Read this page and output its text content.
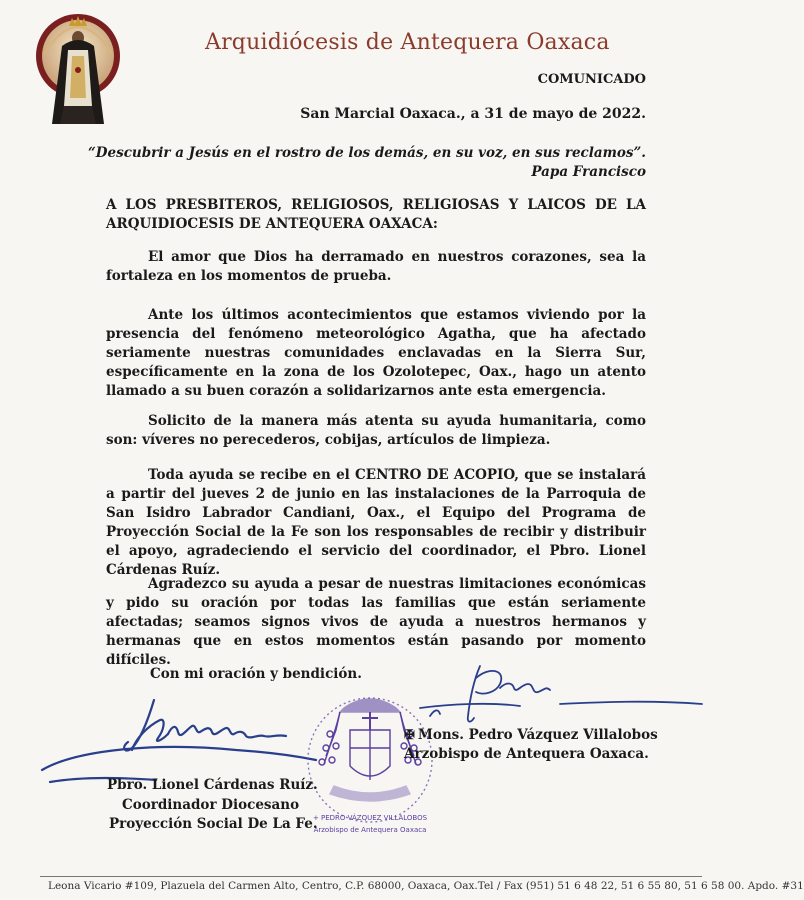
Arquidiócesis de Antequera Oaxaca
COMUNICADO
San Marcial Oaxaca., a 31 de mayo de 2022.
“Descubrir a Jesús en el rostro de los demás, en su voz, en sus reclamos”.
Papa Francisco
A LOS PRESBITEROS, RELIGIOSOS, RELIGIOSAS Y LAICOS DE LA ARQUIDIOCESIS DE ANTEQUERA OAXACA:
El amor que Dios ha derramado en nuestros corazones, sea la fortaleza en los momentos de prueba.
Ante los últimos acontecimientos que estamos viviendo por la presencia del fenómeno meteorológico Agatha, que ha afectado seriamente nuestras comunidades enclavadas en la Sierra Sur, específicamente en la zona de los Ozolotepec, Oax., hago un atento llamado a su buen corazón a solidarizarnos ante esta emergencia.
Solicito de la manera más atenta su ayuda humanitaria, como son: víveres no perecederos, cobijas, artículos de limpieza.
Toda ayuda se recibe en el CENTRO DE ACOPIO, que se instalará a partir del jueves 2 de junio en las instalaciones de la Parroquia de San Isidro Labrador Candiani, Oax., el Equipo del Programa de Proyección Social de la Fe son los responsables de recibir y distribuir el apoyo, agradeciendo el servicio del coordinador, el Pbro. Lionel Cárdenas Ruíz.
Agradezco su ayuda a pesar de nuestras limitaciones económicas y pido su oración por todas las familias que están seriamente afectadas; seamos signos vivos de ayuda a nuestros hermanos y hermanas que en estos momentos están pasando por momento difíciles.
Con mi oración y bendición.
+ PEDRO VÁZQUEZ VILLALOBOS
Arzobispo de Antequera Oaxaca
✠ Mons. Pedro Vázquez Villalobos
Arzobispo de Antequera Oaxaca.
Pbro. Lionel Cárdenas Ruíz.
Coordinador Diocesano
Proyección Social De La Fe.
Leona Vicario #109, Plazuela del Carmen Alto, Centro, C.P. 68000, Oaxaca, Oax.Tel / Fax (951) 51 6 48 22, 51 6 55 80, 51 6 58 00. Apdo. #31
